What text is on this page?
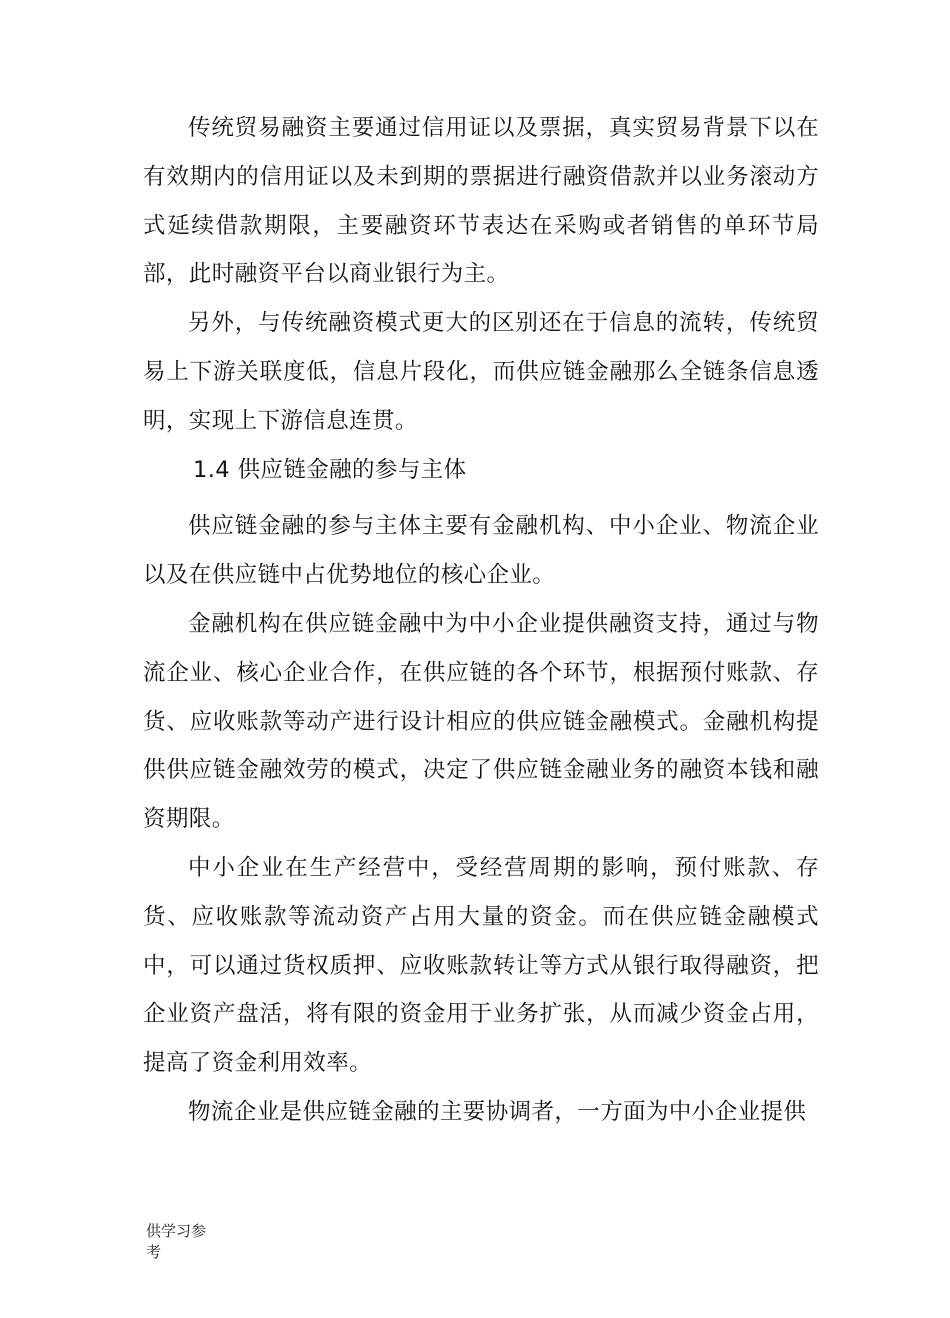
传统贸易融资主要通过信用证以及票据，真实贸易背景下以在有效期内的信用证以及未到期的票据进行融资借款并以业务滚动方式延续借款期限，主要融资环节表达在采购或者销售的单环节局部，此时融资平台以商业银行为主。

另外，与传统融资模式更大的区别还在于信息的流转，传统贸易上下游关联度低，信息片段化，而供应链金融那么全链条信息透明，实现上下游信息连贯。

1.4 供应链金融的参与主体

供应链金融的参与主体主要有金融机构、中小企业、物流企业以及在供应链中占优势地位的核心企业。

金融机构在供应链金融中为中小企业提供融资支持，通过与物流企业、核心企业合作，在供应链的各个环节，根据预付账款、存货、应收账款等动产进行设计相应的供应链金融模式。金融机构提供供应链金融效劳的模式，决定了供应链金融业务的融资本钱和融资期限。

中小企业在生产经营中，受经营周期的影响，预付账款、存货、应收账款等流动资产占用大量的资金。而在供应链金融模式中，可以通过货权质押、应收账款转让等方式从银行取得融资，把企业资产盘活，将有限的资金用于业务扩张，从而减少资金占用，提高了资金利用效率。

物流企业是供应链金融的主要协调者，一方面为中小企业提供

供学习参考
